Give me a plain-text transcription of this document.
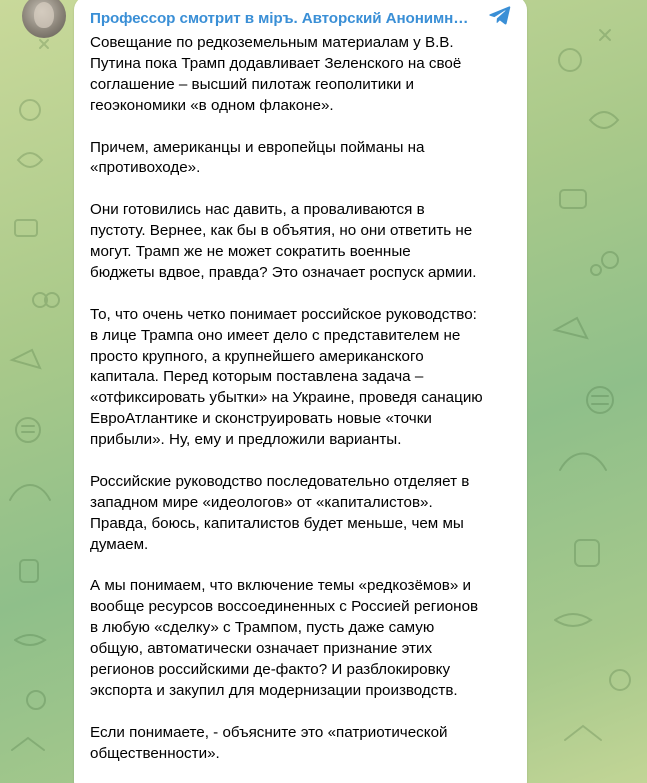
Профессор смотрит в міръ. Авторский Анонимн…

Совещание по редкоземельным материалам у В.В.
Путина пока Трамп додавливает Зеленского на своё
соглашение – высший пилотаж геополитики и
геоэкономики «в одном флаконе».

Причем, американцы и европейцы пойманы на
«противоходе».

Они готовились нас давить, а проваливаются в
пустоту. Вернее, как бы в объятия, но они ответить не
могут. Трамп же не может сократить военные
бюджеты вдвое, правда? Это означает роспуск армии.

То, что очень четко понимает российское руководство:
в лице Трампа оно имеет дело с представителем не
просто крупного, а крупнейшего американского
капитала. Перед которым поставлена задача –
«отфиксировать убытки» на Украине, проведя санацию
ЕвроАтлантике и сконструировать новые «точки
прибыли». Ну, ему и предложили варианты.

Российские руководство последовательно отделяет в
западном мире «идеологов» от «капиталистов».
Правда, боюсь, капиталистов будет меньше, чем мы
думаем.

А мы понимаем, что включение темы «редкозёмов» и
вообще ресурсов воссоединенных с Россией регионов
в любую «сделку» с Трампом, пусть даже самую
общую, автоматически означает признание этих
регионов российскими де-факто? И разблокировку
экспорта и закупил для модернизации производств.

Если понимаете, - объясните это «патриотической
общественности».
